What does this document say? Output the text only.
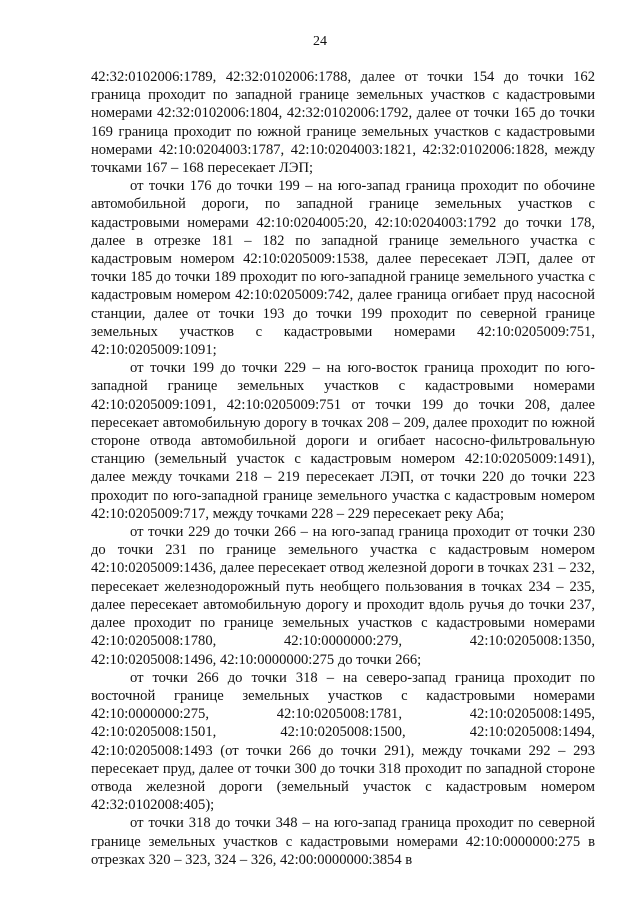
24

42:32:0102006:1789, 42:32:0102006:1788, далее от точки 154 до точки 162 граница проходит по западной границе земельных участков с кадастровыми номерами 42:32:0102006:1804, 42:32:0102006:1792, далее от точки 165 до точки 169 граница проходит по южной границе земельных участков с кадастровыми номерами 42:10:0204003:1787, 42:10:0204003:1821, 42:32:0102006:1828, между точками 167 – 168 пересекает ЛЭП;

от точки 176 до точки 199 – на юго-запад граница проходит по обочине автомобильной дороги, по западной границе земельных участков с кадастровыми номерами 42:10:0204005:20, 42:10:0204003:1792 до точки 178, далее в отрезке 181 – 182 по западной границе земельного участка с кадастровым номером 42:10:0205009:1538, далее пересекает ЛЭП, далее от точки 185 до точки 189 проходит по юго-западной границе земельного участка с кадастровым номером 42:10:0205009:742, далее граница огибает пруд насосной станции, далее от точки 193 до точки 199 проходит по северной границе земельных участков с кадастровыми номерами 42:10:0205009:751, 42:10:0205009:1091;

от точки 199 до точки 229 – на юго-восток граница проходит по юго-западной границе земельных участков с кадастровыми номерами 42:10:0205009:1091, 42:10:0205009:751 от точки 199 до точки 208, далее пересекает автомобильную дорогу в точках 208 – 209, далее проходит по южной стороне отвода автомобильной дороги и огибает насосно-фильтровальную станцию (земельный участок с кадастровым номером 42:10:0205009:1491), далее между точками 218 – 219 пересекает ЛЭП, от точки 220 до точки 223 проходит по юго-западной границе земельного участка с кадастровым номером 42:10:0205009:717, между точками 228 – 229 пересекает реку Аба;

от точки 229 до точки 266 – на юго-запад граница проходит от точки 230 до точки 231 по границе земельного участка с кадастровым номером 42:10:0205009:1436, далее пересекает отвод железной дороги в точках 231 – 232, пересекает железнодорожный путь необщего пользования в точках 234 – 235, далее пересекает автомобильную дорогу и проходит вдоль ручья до точки 237, далее проходит по границе земельных участков с кадастровыми номерами 42:10:0205008:1780, 42:10:0000000:279, 42:10:0205008:1350, 42:10:0205008:1496, 42:10:0000000:275 до точки 266;

от точки 266 до точки 318 – на северо-запад граница проходит по восточной границе земельных участков с кадастровыми номерами 42:10:0000000:275, 42:10:0205008:1781, 42:10:0205008:1495, 42:10:0205008:1501, 42:10:0205008:1500, 42:10:0205008:1494, 42:10:0205008:1493 (от точки 266 до точки 291), между точками 292 – 293 пересекает пруд, далее от точки 300 до точки 318 проходит по западной стороне отвода железной дороги (земельный участок с кадастровым номером 42:32:0102008:405);

от точки 318 до точки 348 – на юго-запад граница проходит по северной границе земельных участков с кадастровыми номерами 42:10:0000000:275 в отрезках 320 – 323, 324 – 326, 42:00:0000000:3854 в
